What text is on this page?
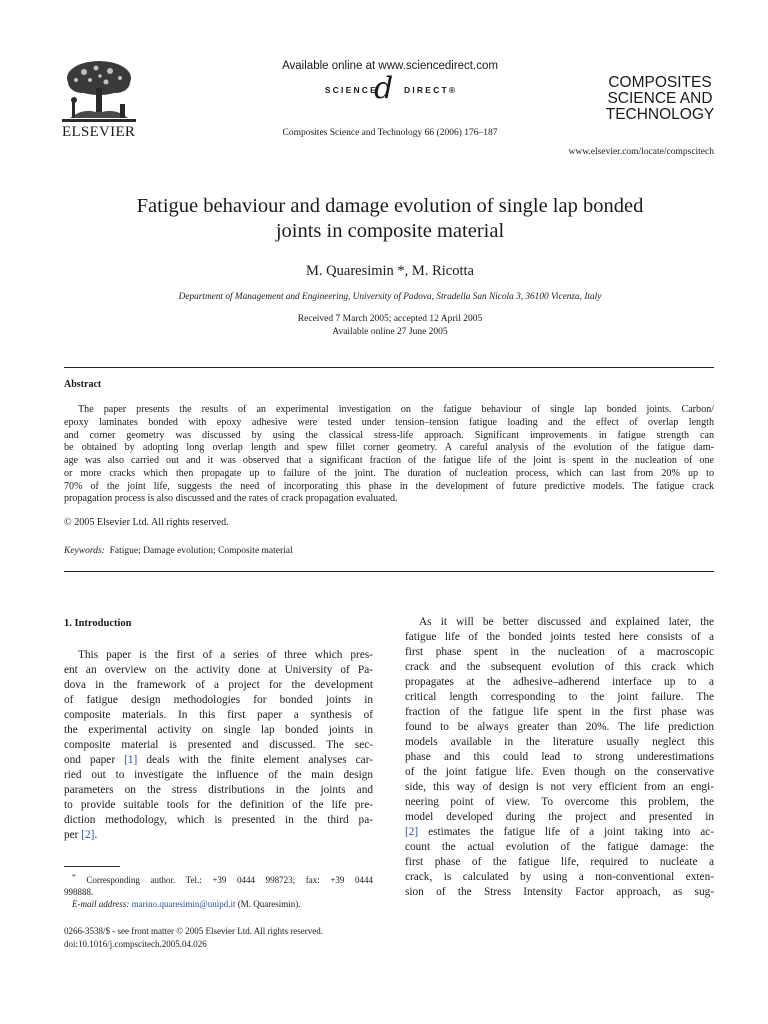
ELSEVIER
Available online at www.sciencedirect.com
SCIENCE
d DIRECT®
Composites Science and Technology 66 (2006) 176–187
COMPOSITES
SCIENCE AND
TECHNOLOGY
www.elsevier.com/locate/compscitech
Fatigue behaviour and damage evolution of single lap bonded
joints in composite material
M. Quaresimin *, M. Ricotta
Department of Management and Engineering, University of Padova, Stradella San Nicola 3, 36100 Vicenza, Italy
Received 7 March 2005; accepted 12 April 2005
Available online 27 June 2005
Abstract
The paper presents the results of an experimental investigation on the fatigue behaviour of single lap bonded joints. Carbon/
epoxy laminates bonded with epoxy adhesive were tested under tension–tension fatigue loading and the effect of overlap length
and corner geometry was discussed by using the classical stress-life approach. Significant improvements in fatigue strength can
be obtained by adopting long overlap length and spew fillet corner geometry. A careful analysis of the evolution of the fatigue dam-
age was also carried out and it was observed that a significant fraction of the fatigue life of the joint is spent in the nucleation of one
or more cracks which then propagate up to failure of the joint. The duration of nucleation process, which can last from 20% up to
70% of the joint life, suggests the need of incorporating this phase in the development of future predictive models. The fatigue crack
propagation process is also discussed and the rates of crack propagation evaluated.
© 2005 Elsevier Ltd. All rights reserved.
Keywords: Fatigue; Damage evolution; Composite material
1. Introduction
This paper is the first of a series of three which pres-
ent an overview on the activity done at University of Pa-
dova in the framework of a project for the development
of fatigue design methodologies for bonded joints in
composite materials. In this first paper a synthesis of
the experimental activity on single lap bonded joints in
composite material is presented and discussed. The sec-
ond paper [1] deals with the finite element analyses car-
ried out to investigate the influence of the main design
parameters on the stress distributions in the joints and
to provide suitable tools for the definition of the life pre-
diction methodology, which is presented in the third pa-
per [2].
As it will be better discussed and explained later, the
fatigue life of the bonded joints tested here consists of a
first phase spent in the nucleation of a macroscopic
crack and the subsequent evolution of this crack which
propagates at the adhesive–adherend interface up to a
critical length corresponding to the joint failure. The
fraction of the fatigue life spent in the first phase was
found to be always greater than 20%. The life prediction
models available in the literature usually neglect this
phase and this could lead to strong underestimations
of the joint fatigue life. Even though on the conservative
side, this way of design is not very efficient from an engi-
neering point of view. To overcome this problem, the
model developed during the project and presented in
[2] estimates the fatigue life of a joint taking into ac-
count the actual evolution of the fatigue damage: the
first phase of the fatigue life, required to nucleate a
crack, is calculated by using a non-conventional exten-
sion of the Stress Intensity Factor approach, as sug-
* Corresponding author. Tel.: +39 0444 998723; fax: +39 0444
998888.
E-mail address: marino.quaresimin@unipd.it (M. Quaresimin).
0266-3538/$ - see front matter © 2005 Elsevier Ltd. All rights reserved.
doi:10.1016/j.compscitech.2005.04.026
